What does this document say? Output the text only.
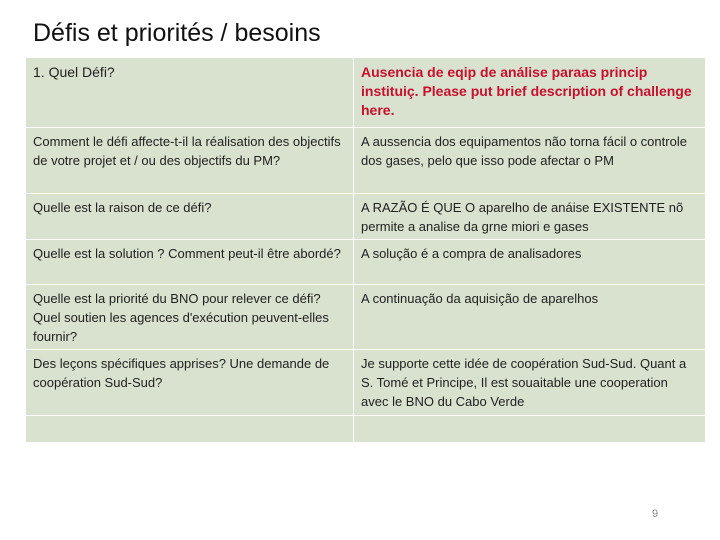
Défis et priorités / besoins
1. Quel Défi?	Ausencia de eqip de análise paraas princip instituiç. Please put brief description of challenge here.
Comment le défi affecte-t-il la réalisation des objectifs de votre projet et / ou des objectifs du PM?	A aussencia dos equipamentos não torna fácil o controle dos gases, pelo que isso pode afectar o PM
Quelle est la raison de ce défi?	A RAZÃO É QUE O aparelho de anáise EXISTENTE nõ permite a analise da grne miori e gases
Quelle est la solution ? Comment peut-il être abordé?	A solução é a compra de analisadores
Quelle est la priorité du BNO pour relever ce défi? Quel soutien les agences d'exécution peuvent-elles fournir?	A continuação da aquisição de aparelhos
Des leçons spécifiques apprises? Une demande de coopération Sud-Sud?	Je supporte cette idée de coopération Sud-Sud. Quant a S. Tomé et Principe, Il est souaitable une cooperation avec le BNO du Cabo Verde

9
